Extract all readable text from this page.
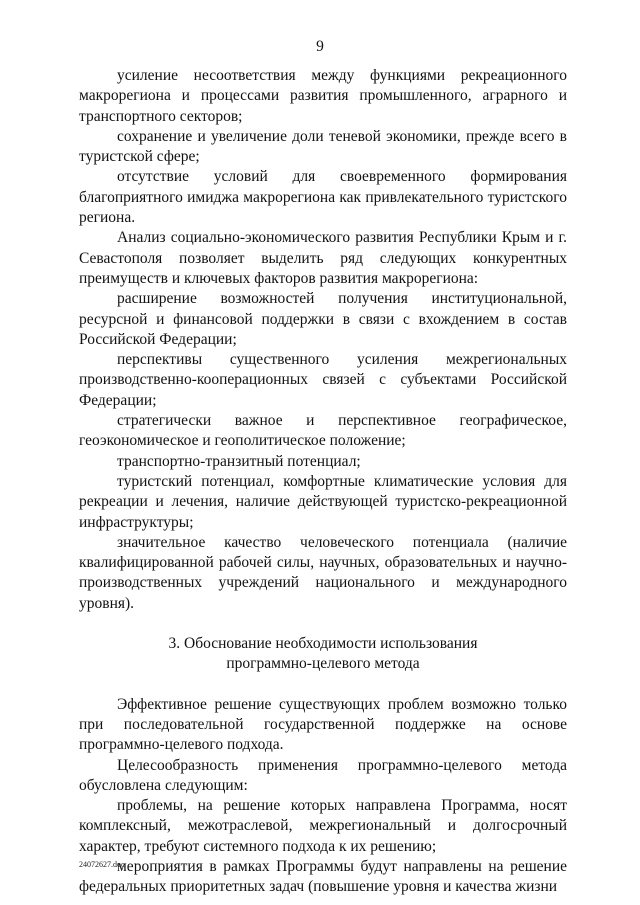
9

усиление несоответствия между функциями рекреационного макрорегиона и процессами развития промышленного, аграрного и транспортного секторов;

сохранение и увеличение доли теневой экономики, прежде всего в туристской сфере;

отсутствие условий для своевременного формирования благоприятного имиджа макрорегиона как привлекательного туристского региона.

Анализ социально-экономического развития Республики Крым и г. Севастополя позволяет выделить ряд следующих конкурентных преимуществ и ключевых факторов развития макрорегиона:

расширение возможностей получения институциональной, ресурсной и финансовой поддержки в связи с вхождением в состав Российской Федерации;

перспективы существенного усиления межрегиональных производственно-кооперационных связей с субъектами Российской Федерации;

стратегически важное и перспективное географическое, геоэкономическое и геополитическое положение;

транспортно-транзитный потенциал;

туристский потенциал, комфортные климатические условия для рекреации и лечения, наличие действующей туристско-рекреационной инфраструктуры;

значительное качество человеческого потенциала (наличие квалифицированной рабочей силы, научных, образовательных и научно-производственных учреждений национального и международного уровня).

3. Обоснование необходимости использования

программно-целевого метода

Эффективное решение существующих проблем возможно только при последовательной государственной поддержке на основе программно-целевого подхода.

Целесообразность применения программно-целевого метода обусловлена следующим:

проблемы, на решение которых направлена Программа, носят комплексный, межотраслевой, межрегиональный и долгосрочный характер, требуют системного подхода к их решению;

мероприятия в рамках Программы будут направлены на решение федеральных приоритетных задач (повышение уровня и качества жизни

24072627.doc
